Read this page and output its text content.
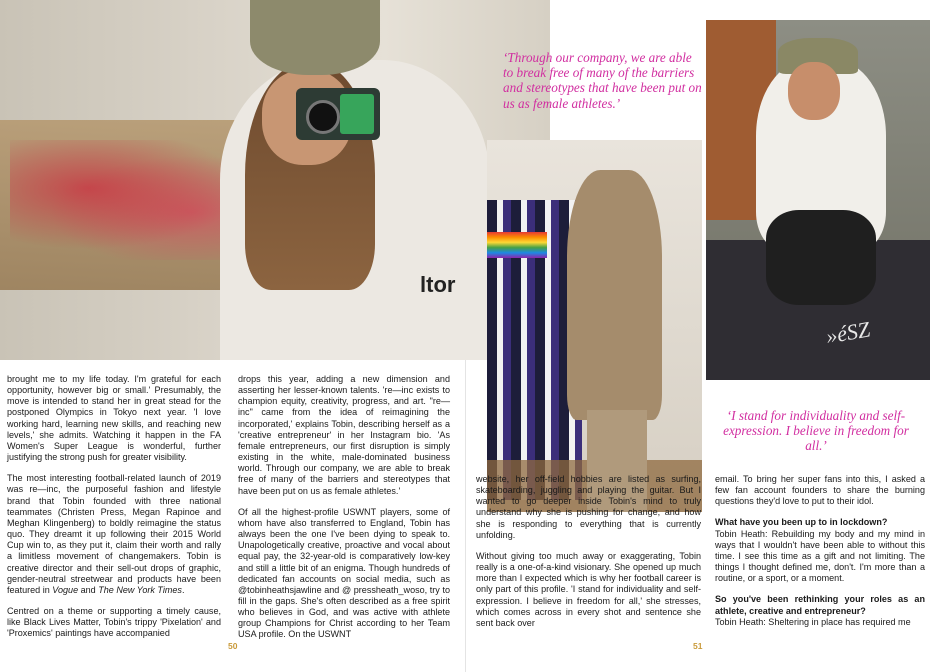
ltor
»éSZ

‘Through our company, we are able to break free of many of the barriers and stereotypes that have been put on us as female athletes.’

‘I stand for individuality and self-expression. I believe in freedom for all.’

brought me to my life today. I'm grateful for each opportunity, however big or small.' Presumably, the move is intended to stand her in great stead for the postponed Olympics in Tokyo next year. 'I love working hard, learning new skills, and reaching new levels,' she admits. Watching it happen in the FA Women's Super League is wonderful, further justifying the strong push for greater visibility.

The most interesting football-related launch of 2019 was re—inc, the purposeful fashion and lifestyle brand that Tobin founded with three national teammates (Christen Press, Megan Rapinoe and Meghan Klingenberg) to boldly reimagine the status quo. They dreamt it up following their 2015 World Cup win to, as they put it, claim their worth and rally a limitless movement of changemakers. Tobin is creative director and their sell-out drops of graphic, gender-neutral streetwear and products have been featured in Vogue and The New York Times.

Centred on a theme or supporting a timely cause, like Black Lives Matter, Tobin's trippy 'Pixelation' and 'Proxemics' paintings have accompanied

drops this year, adding a new dimension and asserting her lesser-known talents. 're—inc exists to champion equity, creativity, progress, and art. "re—inc" came from the idea of reimagining the incorporated,' explains Tobin, describing herself as a 'creative entrepreneur' in her Instagram bio. 'As female entrepreneurs, our first disruption is simply existing in the white, male-dominated business world. Through our company, we are able to break free of many of the barriers and stereotypes that have been put on us as female athletes.'

Of all the highest-profile USWNT players, some of whom have also transferred to England, Tobin has always been the one I've been dying to speak to. Unapologetically creative, proactive and vocal about equal pay, the 32-year-old is comparatively low-key and still a little bit of an enigma. Though hundreds of dedicated fan accounts on social media, such as @tobinheathsjawline and @ pressheath_woso, try to fill in the gaps. She's often described as a free spirit who believes in God, and was active with athlete group Champions for Christ according to her Team USA profile. On the USWNT

website, her off-field hobbies are listed as surfing, skateboarding, juggling and playing the guitar. But I wanted to go deeper inside Tobin's mind to truly understand why she is pushing for change, and how she is responding to everything that is currently unfolding.

Without giving too much away or exaggerating, Tobin really is a one-of-a-kind visionary. She opened up much more than I expected which is why her football career is only part of this profile. 'I stand for individuality and self-expression. I believe in freedom for all,' she stresses, which comes across in every shot and sentence she sent back over

email. To bring her super fans into this, I asked a few fan account founders to share the burning questions they'd love to put to their idol.

What have you been up to in lockdown?

Tobin Heath: Rebuilding my body and my mind in ways that I wouldn't have been able to without this time. I see this time as a gift and not limiting. The things I thought defined me, don't. I'm more than a routine, or a sport, or a moment.

So you've been rethinking your roles as an athlete, creative and entrepreneur?

Tobin Heath: Sheltering in place has required me

50	51
